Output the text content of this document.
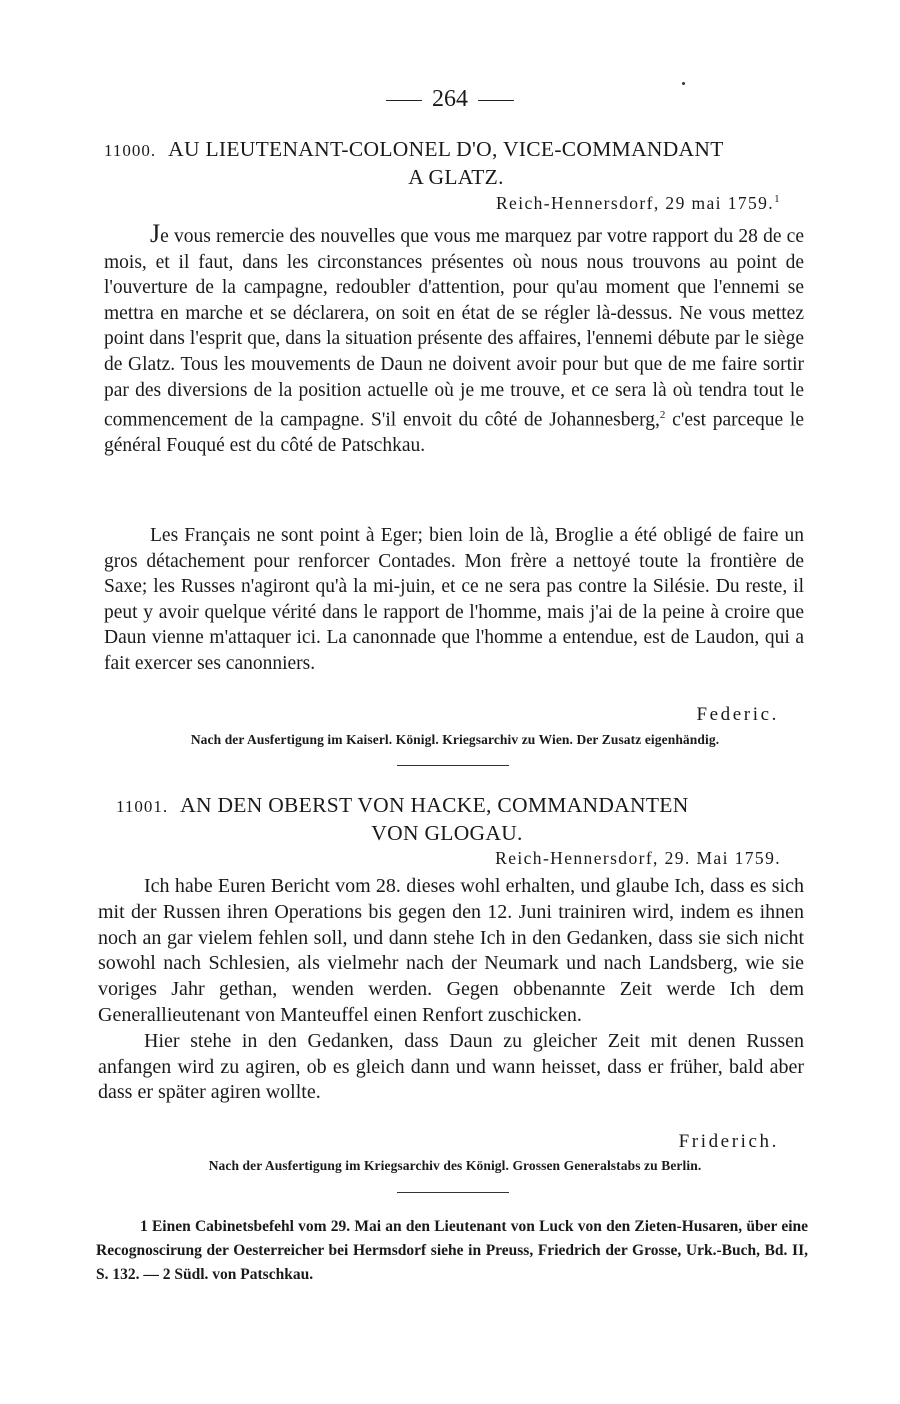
264
11000. AU LIEUTENANT-COLONEL D'O, VICE-COMMANDANT
A GLATZ.
Reich-Hennersdorf, 29 mai 1759.$^1$

Je vous remercie des nouvelles que vous me marquez par votre rapport du 28 de ce mois, et il faut, dans les circonstances présentes où nous nous trouvons au point de l'ouverture de la campagne, redoubler d'attention, pour qu'au moment que l'ennemi se mettra en marche et se déclarera, on soit en état de se régler là-dessus. Ne vous mettez point dans l'esprit que, dans la situation présente des affaires, l'ennemi débute par le siège de Glatz. Tous les mouvements de Daun ne doivent avoir pour but que de me faire sortir par des diversions de la position actuelle où je me trouve, et ce sera là où tendra tout le commencement de la campagne. S'il envoit du côté de Johannesberg,$^2$ c'est parceque le général Fouqué est du côté de Patschkau.

Les Français ne sont point à Eger; bien loin de là, Broglie a été obligé de faire un gros détachement pour renforcer Contades. Mon frère a nettoyé toute la frontière de Saxe; les Russes n'agiront qu'à la mi-juin, et ce ne sera pas contre la Silésie. Du reste, il peut y avoir quelque vérité dans le rapport de l'homme, mais j'ai de la peine à croire que Daun vienne m'attaquer ici. La canonnade que l'homme a entendue, est de Laudon, qui a fait exercer ses canonniers.

Federic.
Nach der Ausfertigung im Kaiserl. Königl. Kriegsarchiv zu Wien. Der Zusatz eigenhändig.
11001. AN DEN OBERST VON HACKE, COMMANDANTEN
VON GLOGAU.
Reich-Hennersdorf, 29. Mai 1759.

Ich habe Euren Bericht vom 28. dieses wohl erhalten, und glaube Ich, dass es sich mit der Russen ihren Operations bis gegen den 12. Juni trainiren wird, indem es ihnen noch an gar vielem fehlen soll, und dann stehe Ich in den Gedanken, dass sie sich nicht sowohl nach Schlesien, als vielmehr nach der Neumark und nach Landsberg, wie sie voriges Jahr gethan, wenden werden. Gegen obbenannte Zeit werde Ich dem Generallieutenant von Manteuffel einen Renfort zuschicken.

Hier stehe in den Gedanken, dass Daun zu gleicher Zeit mit denen Russen anfangen wird zu agiren, ob es gleich dann und wann heisset, dass er früher, bald aber dass er später agiren wollte.

Friderich.
Nach der Ausfertigung im Kriegsarchiv des Königl. Grossen Generalstabs zu Berlin.
1 Einen Cabinetsbefehl vom 29. Mai an den Lieutenant von Luck von den Zieten-Husaren, über eine Recognoscirung der Oesterreicher bei Hermsdorf siehe in Preuss, Friedrich der Grosse, Urk.-Buch, Bd. II, S. 132. — 2 Südl. von Patschkau.
